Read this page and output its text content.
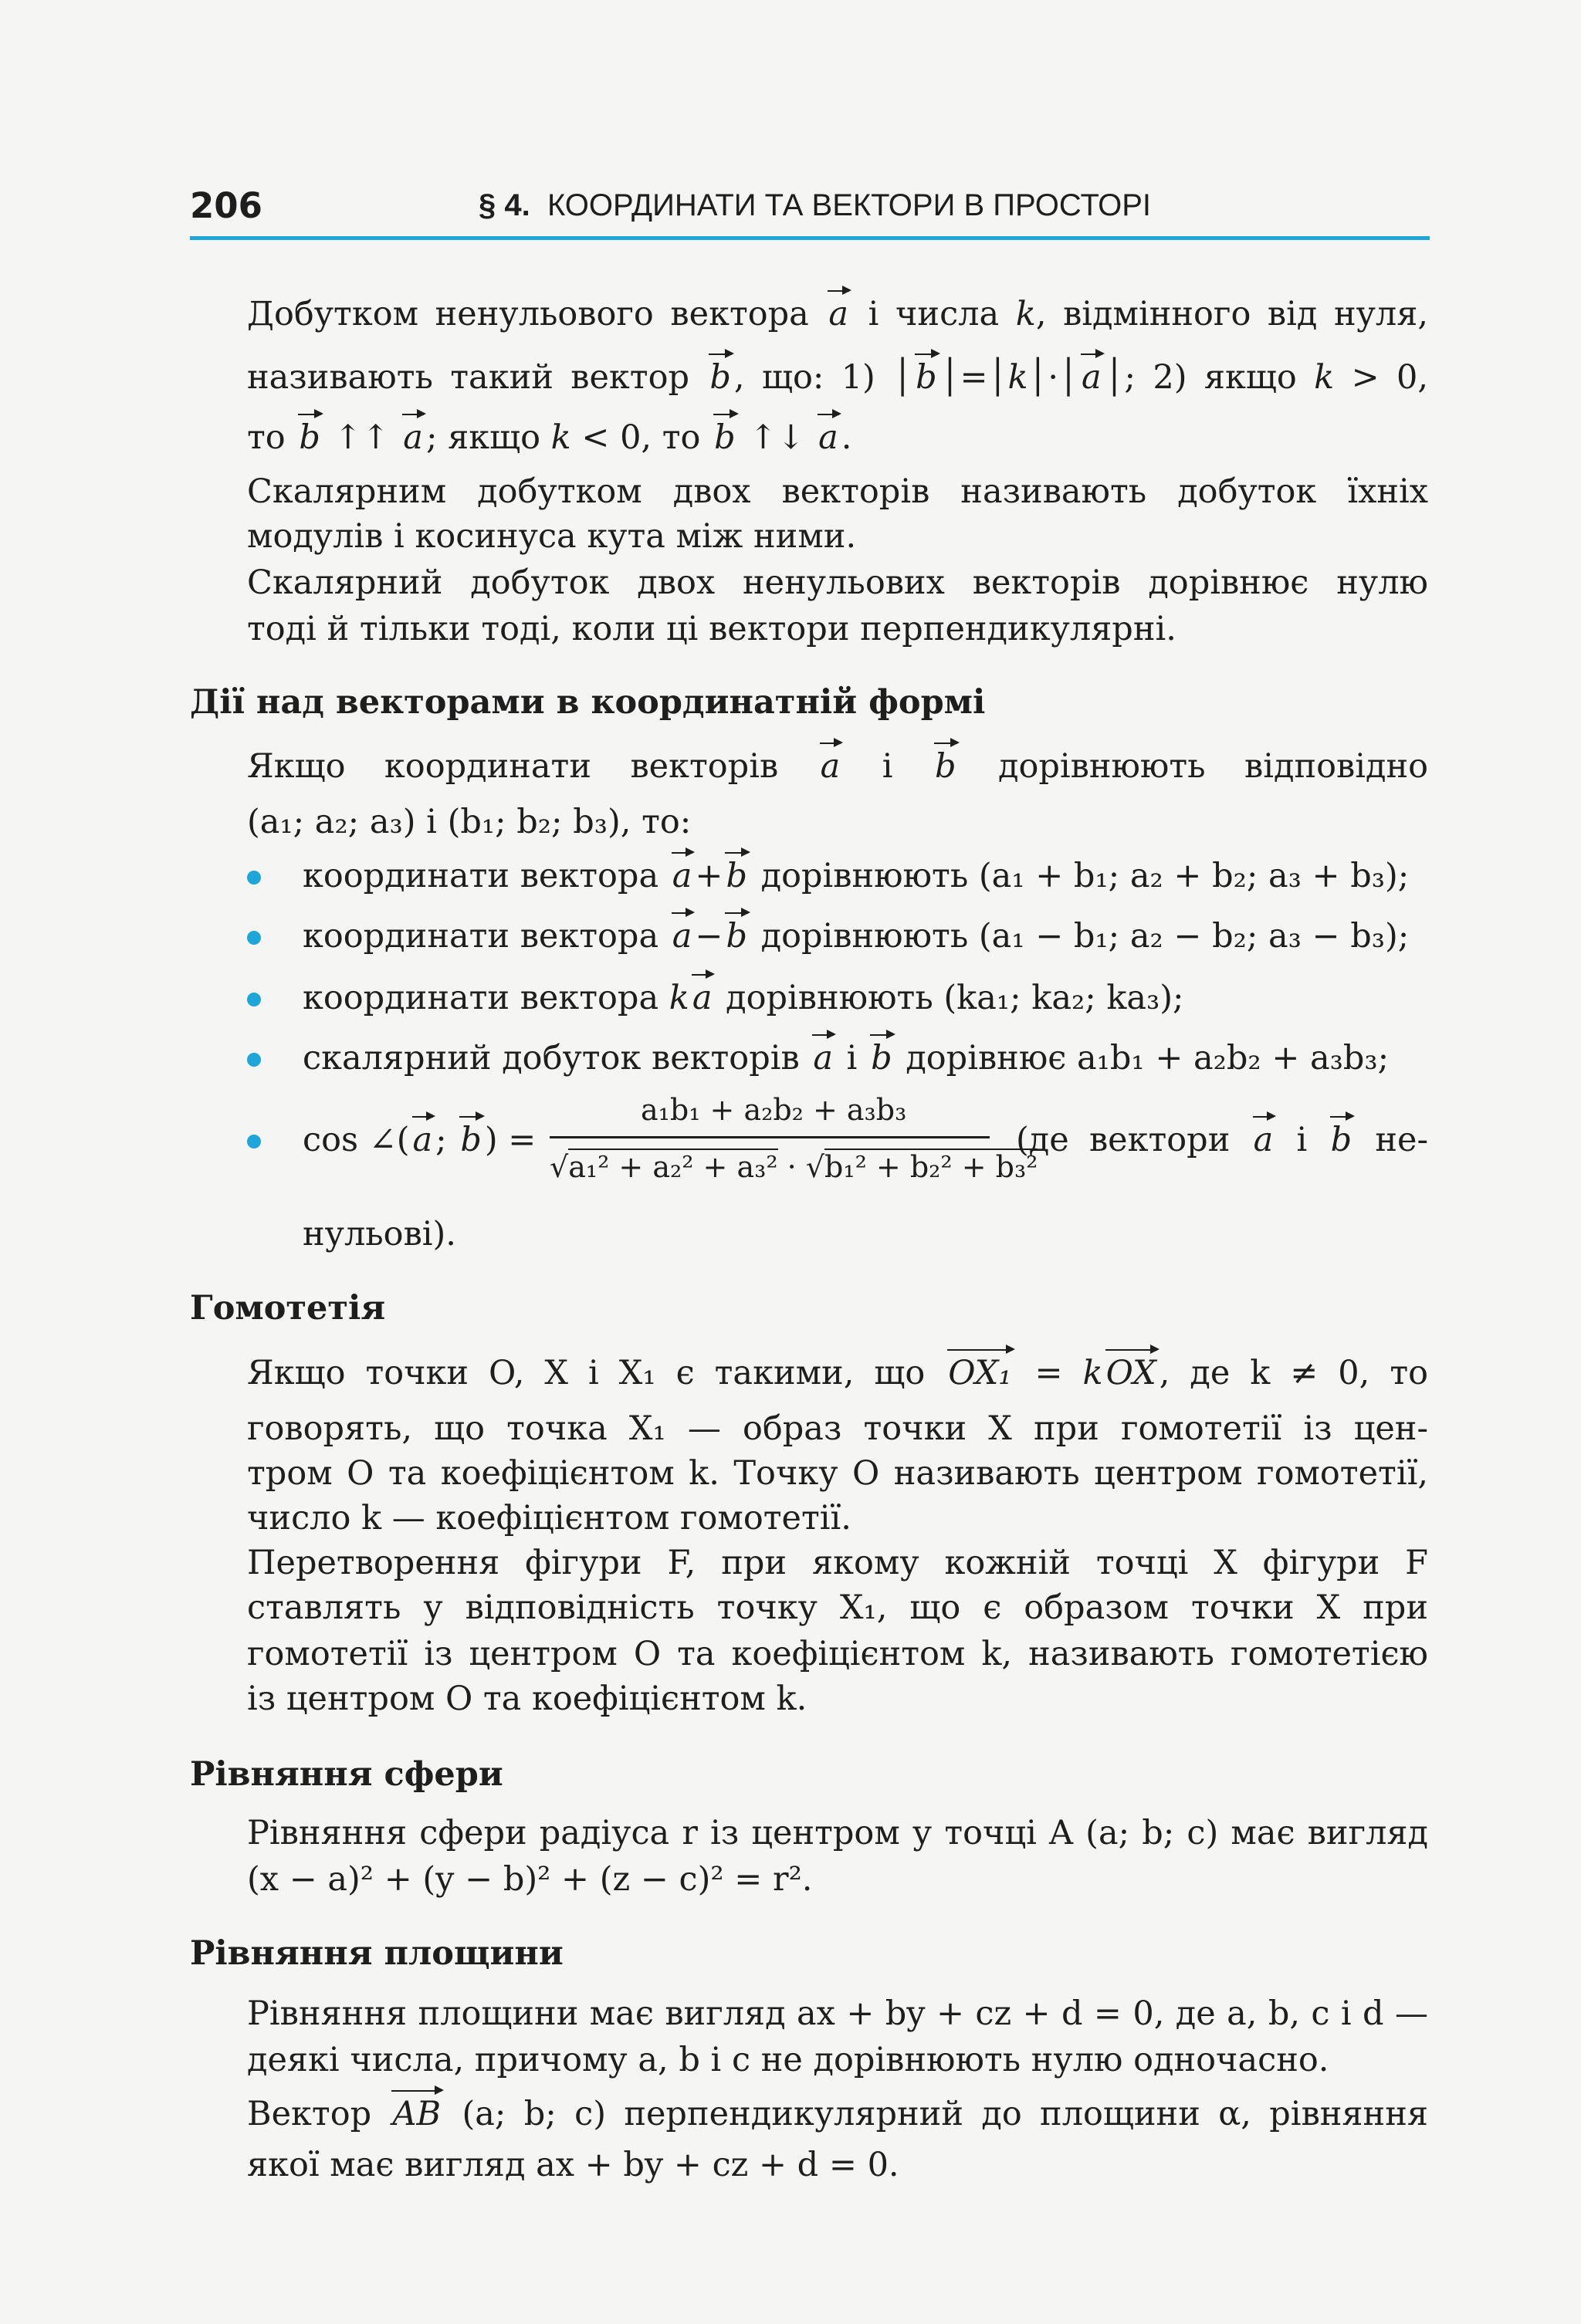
206	§ 4. КООРДИНАТИ ТА ВЕКТОРИ В ПРОСТОРІ
Добутком ненульового вектора a і числа k, відмінного від нуля,
називають такий вектор b, що: 1) │b│=│k│·│a│; 2) якщо k > 0,
то b ↑↑ a; якщо k < 0, то b ↑↓ a.
Скалярним добутком двох векторів називають добуток їхніх
модулів і косинуса кута між ними.
Скалярний добуток двох ненульових векторів дорівнює нулю
тоді й тільки тоді, коли ці вектори перпендикулярні.
Дії над векторами в координатній формі
Якщо координати векторів a і b дорівнюють відповідно
(a₁; a₂; a₃) і (b₁; b₂; b₃), то:
координати вектора a+b дорівнюють (a₁ + b₁; a₂ + b₂; a₃ + b₃);
координати вектора a−b дорівнюють (a₁ − b₁; a₂ − b₂; a₃ − b₃);
координати вектора ka дорівнюють (ka₁; ka₂; ka₃);
скалярний добуток векторів a і b дорівнює a₁b₁ + a₂b₂ + a₃b₃;
cos ∠(a; b) =
a₁b₁ + a₂b₂ + a₃b₃
√a₁² + a₂² + a₃² · √b₁² + b₂² + b₃²
(де вектори a і b не-
нульові).
Гомотетія
Якщо точки O, X і X₁ є такими, що OX₁ = kOX, де k ≠ 0, то
говорять, що точка X₁ — образ точки X при гомотетії із цен-
тром O та коефіцієнтом k. Точку O називають центром гомотетії,
число k — коефіцієнтом гомотетії.
Перетворення фігури F, при якому кожній точці X фігури F
ставлять у відповідність точку X₁, що є образом точки X при
гомотетії із центром O та коефіцієнтом k, називають гомотетією
із центром O та коефіцієнтом k.
Рівняння сфери
Рівняння сфери радіуса r із центром у точці A (a; b; c) має вигляд
(x − a)² + (y − b)² + (z − c)² = r².
Рівняння площини
Рівняння площини має вигляд ax + by + cz + d = 0, де a, b, c і d —
деякі числа, причому a, b і c не дорівнюють нулю одночасно.
Вектор AB (a; b; c) перпендикулярний до площини α, рівняння
якої має вигляд ax + by + cz + d = 0.
